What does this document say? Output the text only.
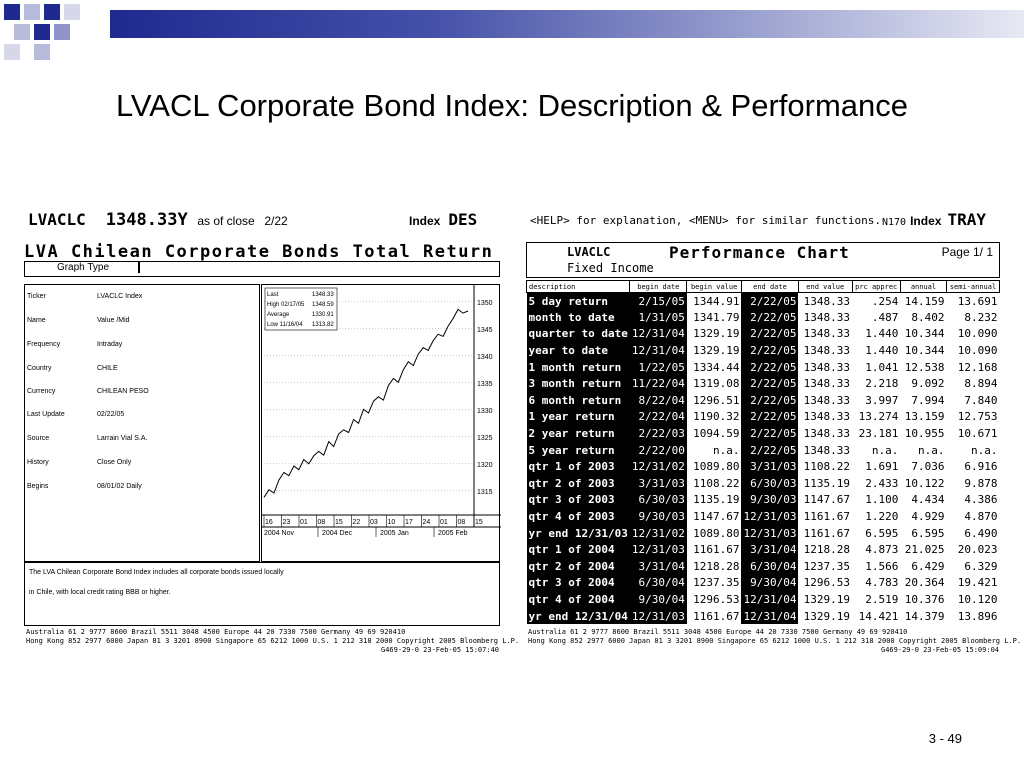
LVACL Corporate Bond Index: Description & Performance
LVACLC 1348.33Y as of close 2/22	Index DES
LVA Chilean Corporate Bonds Total Return
Graph Type
Ticker	LVACLC Index
Name	Value /Mid
Frequency	Intraday
Country	CHILE
Currency	CHILEAN PESO
Last Update	02/22/05
Source	Larrain Vial S.A.
History	Close Only
Begins	08/01/02 Daily
1350
1345
1340
1335
1330
1325
1320
1315
16 23 01 08 15 22 03 10 17 24 01 08 15
2004 Nov	2004 Dec	2005 Jan	2005 Feb
Last	1348.33
High 02/17/05 1348.59
Average	1330.91
Low 11/16/04 1313.82
The LVA Chilean Corporate Bond Index includes all corporate bonds issued locally
in Chile, with local credit rating BBB or higher.
Australia 61 2 9777 8600 Brazil 5511 3048 4500 Europe 44 20 7330 7500 Germany 49 69 920410
Hong Kong 852 2977 6000 Japan 81 3 3201 8900 Singapore 65 6212 1000 U.S. 1 212 318 2000 Copyright 2005 Bloomberg L.P.
G469-29-0 23-Feb-05 15:07:40
<HELP> for explanation, <MENU> for similar functions. N170 Index TRAY
LVACLC
Fixed Income
Performance Chart	Page 1/ 1
description	begin date	begin value	end date	end value	prc apprec	annual	semi-annual
5 day return	2/15/05	1344.91	2/22/05	1348.33	.254	14.159	13.691
month to date	1/31/05	1341.79	2/22/05	1348.33	.487	8.402	8.232
quarter to date	12/31/04	1329.19	2/22/05	1348.33	1.440	10.344	10.090
year to date	12/31/04	1329.19	2/22/05	1348.33	1.440	10.344	10.090
1 month return	1/22/05	1334.44	2/22/05	1348.33	1.041	12.538	12.168
3 month return	11/22/04	1319.08	2/22/05	1348.33	2.218	9.092	8.894
6 month return	8/22/04	1296.51	2/22/05	1348.33	3.997	7.994	7.840
1 year return	2/22/04	1190.32	2/22/05	1348.33	13.274	13.159	12.753
2 year return	2/22/03	1094.59	2/22/05	1348.33	23.181	10.955	10.671
5 year return	2/22/00	n.a.	2/22/05	1348.33	n.a.	n.a.	n.a.
qtr 1 of 2003	12/31/02	1089.80	3/31/03	1108.22	1.691	7.036	6.916
qtr 2 of 2003	3/31/03	1108.22	6/30/03	1135.19	2.433	10.122	9.878
qtr 3 of 2003	6/30/03	1135.19	9/30/03	1147.67	1.100	4.434	4.386
qtr 4 of 2003	9/30/03	1147.67	12/31/03	1161.67	1.220	4.929	4.870
yr end 12/31/03	12/31/02	1089.80	12/31/03	1161.67	6.595	6.595	6.490
qtr 1 of 2004	12/31/03	1161.67	3/31/04	1218.28	4.873	21.025	20.023
qtr 2 of 2004	3/31/04	1218.28	6/30/04	1237.35	1.566	6.429	6.329
qtr 3 of 2004	6/30/04	1237.35	9/30/04	1296.53	4.783	20.364	19.421
qtr 4 of 2004	9/30/04	1296.53	12/31/04	1329.19	2.519	10.376	10.120
yr end 12/31/04	12/31/03	1161.67	12/31/04	1329.19	14.421	14.379	13.896
Australia 61 2 9777 8600 Brazil 5511 3048 4500 Europe 44 20 7330 7500 Germany 49 69 920410
Hong Kong 852 2977 6000 Japan 81 3 3201 8900 Singapore 65 6212 1000 U.S. 1 212 318 2000 Copyright 2005 Bloomberg L.P.
G469-29-0 23-Feb-05 15:09:04
3 - 49
